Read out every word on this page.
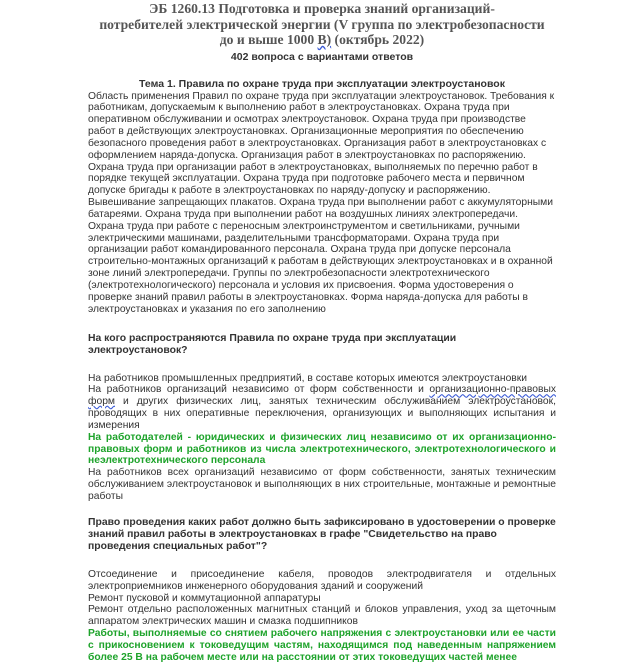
ЭБ 1260.13 Подготовка и проверка знаний организаций-
потребителей электрической энергии (V группа по электробезопасности
до и выше 1000 В) (октябрь 2022)
402 вопроса с вариантами ответов
Тема 1. Правила по охране труда при эксплуатации электроустановок

Область применения Правил по охране труда при эксплуатации электроустановок. Требования к работникам, допускаемым к выполнению работ в электроустановках. Охрана труда при оперативном обслуживании и осмотрах электроустановок. Охрана труда при производстве работ в действующих электроустановках. Организационные мероприятия по обеспечению безопасного проведения работ в электроустановках. Организация работ в электроустановках с оформлением наряда-допуска. Организация работ в электроустановках по распоряжению. Охрана труда при организации работ в электроустановках, выполняемых по перечню работ в порядке текущей эксплуатации. Охрана труда при подготовке рабочего места и первичном допуске бригады к работе в электроустановках по наряду-допуску и распоряжению. Вывешивание запрещающих плакатов. Охрана труда при выполнении работ с аккумуляторными батареями. Охрана труда при выполнении работ на воздушных линиях электропередачи. Охрана труда при работе с переносным электроинструментом и светильниками, ручными электрическими машинами, разделительными трансформаторами. Охрана труда при организации работ командированного персонала. Охрана труда при допуске персонала строительно-монтажных организаций к работам в действующих электроустановках и в охранной зоне линий электропередачи. Группы по электробезопасности электротехнического (электротехнологического) персонала и условия их присвоения. Форма удостоверения о проверке знаний правил работы в электроустановках. Форма наряда-допуска для работы в электроустановках и указания по его заполнению

На кого распространяются Правила по охране труда при эксплуатации электроустановок?

На работников промышленных предприятий, в составе которых имеются электроустановки

На работников организаций независимо от форм собственности и организационно-правовых форм и других физических лиц, занятых техническим обслуживанием электроустановок, проводящих в них оперативные переключения, организующих и выполняющих испытания и измерения

На работодателей - юридических и физических лиц независимо от их организационно-правовых форм и работников из числа электротехнического, электротехнологического и неэлектротехнического персонала

На работников всех организаций независимо от форм собственности, занятых техническим обслуживанием электроустановок и выполняющих в них строительные, монтажные и ремонтные работы

Право проведения каких работ должно быть зафиксировано в удостоверении о проверке знаний правил работы в электроустановках в графе "Свидетельство на право проведения специальных работ"?

Отсоединение и присоединение кабеля, проводов электродвигателя и отдельных электроприемников инженерного оборудования зданий и сооружений

Ремонт пусковой и коммутационной аппаратуры

Ремонт отдельно расположенных магнитных станций и блоков управления, уход за щеточным аппаратом электрических машин и смазка подшипников

Работы, выполняемые со снятием рабочего напряжения с электроустановки или ее части с прикосновением к токоведущим частям, находящимся под наведенным напряжением более 25 В на рабочем месте или на расстоянии от этих токоведущих частей менее
